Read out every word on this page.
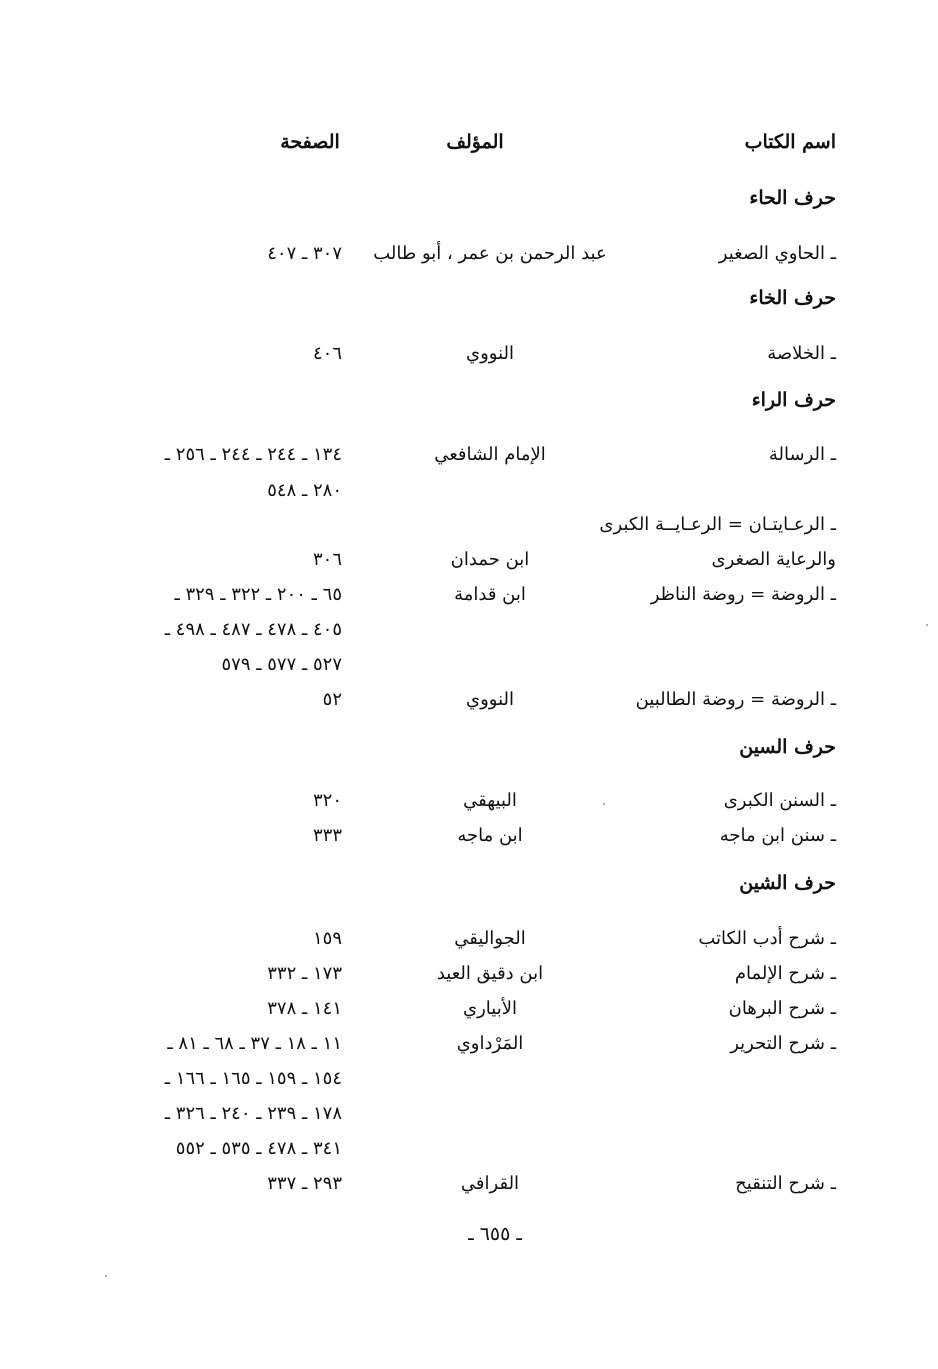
اسم الكتاب
المؤلف
الصفحة
حرف الحاء
ـ الحاوي الصغير
عبد الرحمن بن عمر ، أبو طالب
٣٠٧ ـ ٤٠٧
حرف الخاء
ـ الخلاصة
النووي
٤٠٦
حرف الراء
ـ الرسالة
الإمام الشافعي
١٣٤ ـ ٢٤٤ ـ ٢٤٤ ـ ٢٥٦ ـ
٢٨٠ ـ ٥٤٨
ـ الرعـايتـان = الرعـايــة الكبرى
والرعاية الصغرى
ابن حمدان
٣٠٦
ـ الروضة = روضة الناظر
ابن قدامة
٦٥ ـ ٢٠٠ ـ ٣٢٢ ـ ٣٢٩ ـ
٤٠٥ ـ ٤٧٨ ـ ٤٨٧ ـ ٤٩٨ ـ
٥٢٧ ـ ٥٧٧ ـ ٥٧٩
ـ الروضة = روضة الطالبين
النووي
٥٢
حرف السين
ـ السنن الكبرى
البيهقي
٣٢٠
ـ سنن ابن ماجه
ابن ماجه
٣٣٣
حرف الشين
ـ شرح أدب الكاتب
الجواليقي
١٥٩
ـ شرح الإلمام
ابن دقيق العيد
١٧٣ ـ ٣٣٢
ـ شرح البرهان
الأبياري
١٤١ ـ ٣٧٨
ـ شرح التحرير
المَرْداوي
١١ ـ ١٨ ـ ٣٧ ـ ٦٨ ـ ٨١ ـ
١٥٤ ـ ١٥٩ ـ ١٦٥ ـ ١٦٦ ـ
١٧٨ ـ ٢٣٩ ـ ٢٤٠ ـ ٣٢٦ ـ
٣٤١ ـ ٤٧٨ ـ ٥٣٥ ـ ٥٥٢
ـ شرح التنقيح
القرافي
٢٩٣ ـ ٣٣٧
ـ ٦٥٥ ـ
